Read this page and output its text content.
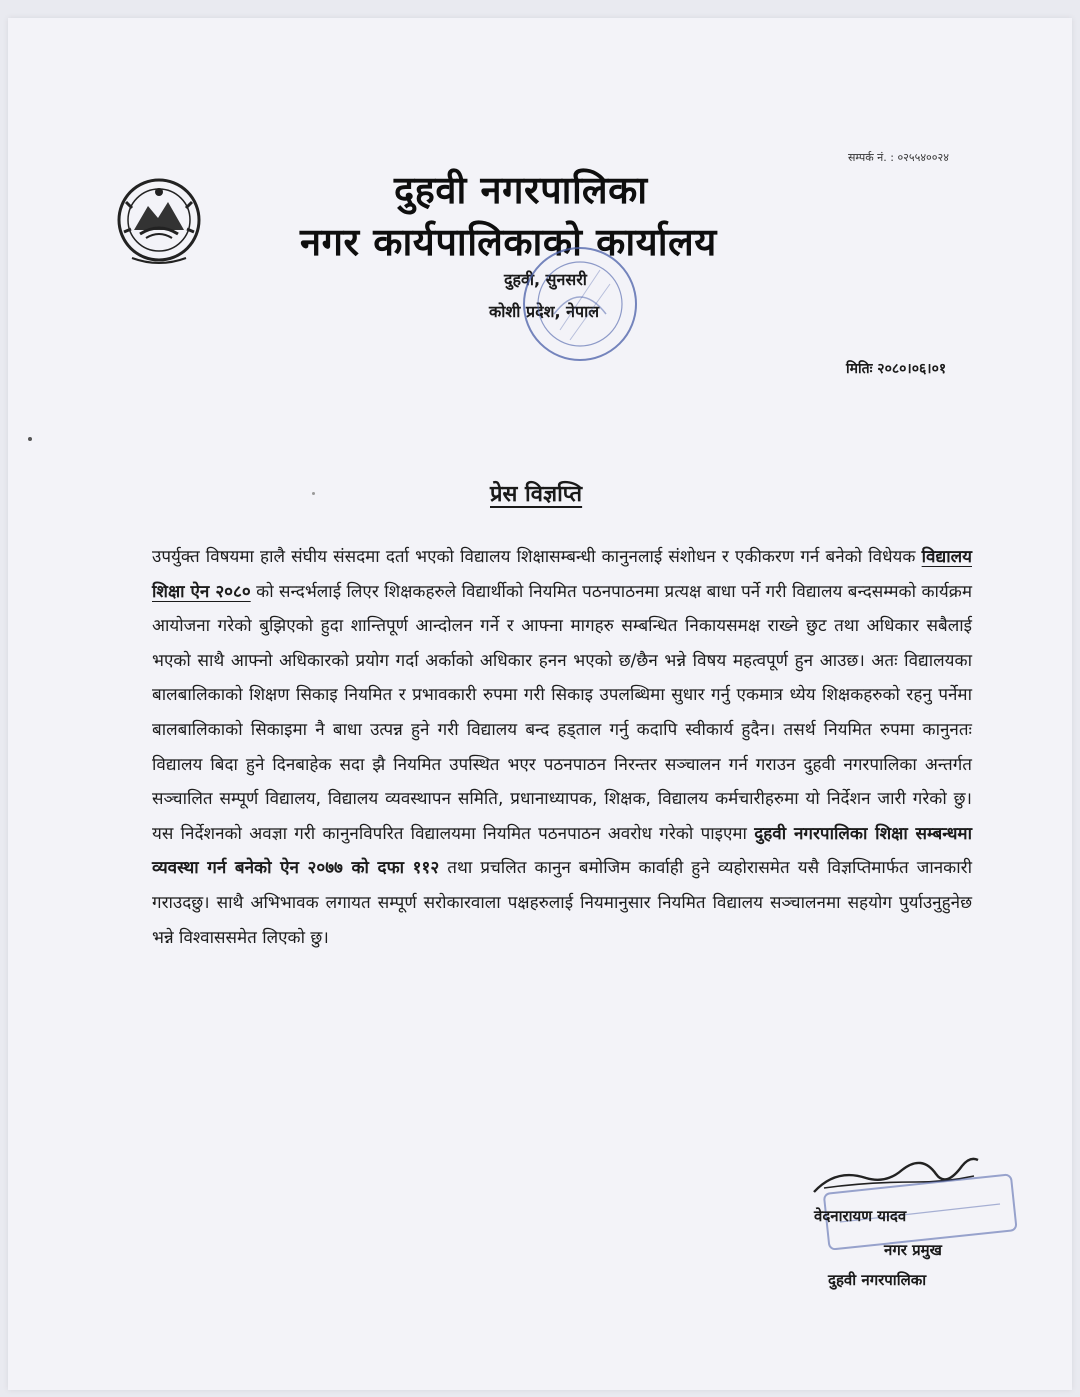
सम्पर्क नं. : ०२५५४००२४
दुहवी नगरपालिका
नगर कार्यपालिकाको कार्यालय
दुहवी, सुनसरी
कोशी प्रदेश, नेपाल
मितिः २०८०।०६।०१
प्रेस विज्ञप्ति
उपर्युक्त विषयमा हालै संघीय संसदमा दर्ता भएको विद्यालय शिक्षासम्बन्धी कानुनलाई संशोधन र एकीकरण गर्न बनेको विधेयक विद्यालय शिक्षा ऐन २०८० को सन्दर्भलाई लिएर शिक्षकहरुले विद्यार्थीको नियमित पठनपाठनमा प्रत्यक्ष बाधा पर्ने गरी विद्यालय बन्दसम्मको कार्यक्रम आयोजना गरेको बुझिएको हुदा शान्तिपूर्ण आन्दोलन गर्ने र आफ्ना मागहरु सम्बन्धित निकायसमक्ष राख्ने छुट तथा अधिकार सबैलाई भएको साथै आफ्नो अधिकारको प्रयोग गर्दा अर्काको अधिकार हनन भएको छ/छैन भन्ने विषय महत्वपूर्ण हुन आउछ। अतः विद्यालयका बालबालिकाको शिक्षण सिकाइ नियमित र प्रभावकारी रुपमा गरी सिकाइ उपलब्धिमा सुधार गर्नु एकमात्र ध्येय शिक्षकहरुको रहनु पर्नेमा बालबालिकाको सिकाइमा नै बाधा उत्पन्न हुने गरी विद्यालय बन्द हड्ताल गर्नु कदापि स्वीकार्य हुदैन। तसर्थ नियमित रुपमा कानुनतः विद्यालय बिदा हुने दिनबाहेक सदा झै नियमित उपस्थित भएर पठनपाठन निरन्तर सञ्चालन गर्न गराउन दुहवी नगरपालिका अन्तर्गत सञ्चालित सम्पूर्ण विद्यालय, विद्यालय व्यवस्थापन समिति, प्रधानाध्यापक, शिक्षक, विद्यालय कर्मचारीहरुमा यो निर्देशन जारी गरेको छु। यस निर्देशनको अवज्ञा गरी कानुनविपरित विद्यालयमा नियमित पठनपाठन अवरोध गरेको पाइएमा दुहवी नगरपालिका शिक्षा सम्बन्धमा व्यवस्था गर्न बनेको ऐन २०७७ को दफा ११२ तथा प्रचलित कानुन बमोजिम कार्वाही हुने व्यहोरासमेत यसै विज्ञप्तिमार्फत जानकारी गराउदछु। साथै अभिभावक लगायत सम्पूर्ण सरोकारवाला पक्षहरुलाई नियमानुसार नियमित विद्यालय सञ्चालनमा सहयोग पुर्याउनुहुनेछ भन्ने विश्वाससमेत लिएको छु।
वेदनारायण यादव
नगर प्रमुख
दुहवी नगरपालिका
